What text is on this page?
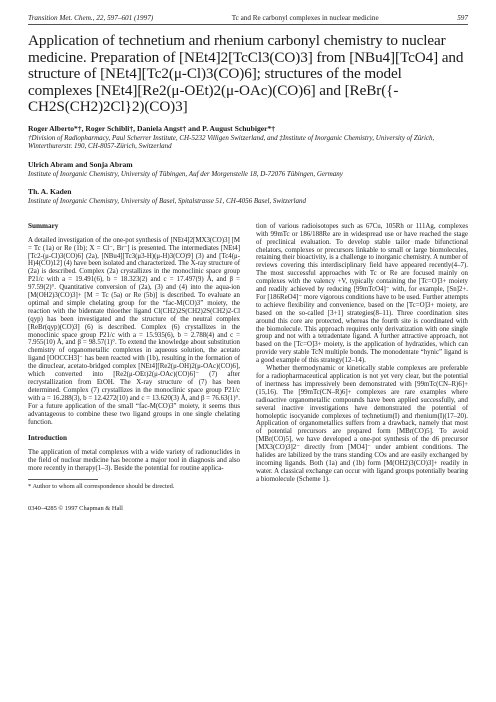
Transition Met. Chem., 22, 597–601 (1997)	Tc and Re carbonyl complexes in nuclear medicine	597
Application of technetium and rhenium carbonyl chemistry to nuclear medicine. Preparation of [NEt4]2[TcCl3(CO)3] from [NBu4][TcO4] and structure of [NEt4][Tc2(μ-Cl)3(CO)6]; structures of the model complexes [NEt4][Re2(μ-OEt)2(μ-OAc)(CO)6] and [ReBr({-CH2S(CH2)2Cl}2)(CO)3]
Roger Alberto*†, Roger Schibli†, Daniela Angst† and P. August Schubiger*†
†Division of Radiopharmacy, Paul Scherrer Institute, CH-5232 Villigen Switzerland, and ‡Institute of Inorganic Chemistry, University of Zürich, Winterthurerstr. 190, CH-8057-Zürich, Switzerland
Ulrich Abram and Sonja Abram
Institute of Inorganic Chemistry, University of Tübingen, Auf der Morgenstelle 18, D-72076 Tübingen, Germany
Th. A. Kaden
Institute of Inorganic Chemistry, University of Basel, Spitalstrasse 51, CH-4056 Basel, Switzerland
Summary

A detailed investigation of the one-pot synthesis of [NEt4]2[MX3(CO)3] [M = Tc (1a) or Re (1b); X = Cl⁻, Br⁻] is presented. The intermediates [NEt4][Tc2-(μ-Cl)3(CO)6] (2a), [NBu4][Tc3(μ3-H)(μ-H)3(CO)9] (3) and [Tc4(μ-H)4(CO)12] (4) have been isolated and characterized. The X-ray structure of (2a) is described. Complex (2a) crystallizes in the monoclinic space group P21/c with a = 19.491(6), b = 18.323(2) and c = 17.497(9) Å, and β = 97.59(2)°. Quantitative conversion of (2a), (3) and (4) into the aqua-ion [M(OH2)3(CO)3]+ [M = Tc (5a) or Re (5b)] is described. To evaluate an optimal and simple chelating group for the “fac-M(CO)3” moiety, the reaction with the bidentate thioether ligand Cl(CH2)2S(CH2)2S(CH2)2-Cl (qyp) has been investigated and the structure of the neutral complex [ReBr(qyp)(CO)3] (6) is described. Complex (6) crystallizes in the monoclinic space group P21/c with a = 15.935(6), b = 2.788(4) and c = 7.955(10) Å, and β = 98.57(1)°. To extend the knowledge about substitution chemistry of organometallic complexes in aqueous solution, the acetato ligand [OOCCH3]⁻ has been reacted with (1b), resulting in the formation of the dinuclear, acetato-bridged complex [NEt4][Re2(μ-OH)2(μ-OAc)(CO)6], which converted into [Re2(μ-OEt)2(μ-OAc)(CO)6]⁻ (7) after recrystallization from EtOH. The X-ray structure of (7) has been determined. Complex (7) crystallizes in the monoclinic space group P21/c with a = 16.288(3), b = 12.4272(10) and c = 13.620(3) Å, and β = 76.63(1)°. For a future application of the small “fac-M(CO)3” moiety, it seems thus advantageous to combine these two ligand groups in one single chelating function.

Introduction

The application of metal complexes with a wide variety of radionuclides in the field of nuclear medicine has become a major tool in diagnosis and also more recently in therapy(1–3). Beside the potential for routine applica-

* Author to whom all correspondence should be directed.
0340–4285 © 1997 Chapman & Hall

tion of various radioisotopes such as 67Cu, 105Rh or 111Ag, complexes with 99mTc or 186/188Re are in widespread use or have reached the stage of preclinical evaluation. To develop stable tailor made bifunctional chelators, complexes or precursors linkable to small or large biomolecules, retaining their bioactivity, is a challenge to inorganic chemistry. A number of reviews covering this interdisciplinary field have appeared recently(4–7). The most successful approaches with Tc or Re are focused mainly on complexes with the valency +V, typically containing the [Tc=O]3+ moiety and readily achieved by reducing [99mTcO4]⁻ with, for example, [Sn]2+. For [186ReO4]⁻ more vigorous conditions have to be used. Further attempts to achieve flexibility and convenience, based on the [Tc=O]3+ moiety, are based on the so-called [3+1] strategies(8–11). Three coordination sites around this core are protected, whereas the fourth site is coordinated with the biomolecule. This approach requires only derivatization with one single group and not with a tetradentate ligand. A further attractive approach, not based on the [Tc=O]3+ moiety, is the application of hydrazides, which can provide very stable TcN multiple bonds. The monodentate “hynic” ligand is a good example of this strategy(12–14).

Whether thermodynamic or kinetically stable complexes are preferable for a radiopharmaceutical application is not yet very clear, but the potential of inertness has impressively been demonstrated with [99mTc(CN–R)6]+(15,16). The [99mTc(CN–R)6]+ complexes are rare examples where radioactive organometallic compounds have been applied successfully, and several inactive investigations have demonstrated the potential of homoleptic isocyanide complexes of technetium(I) and rhenium(I)(17–20). Application of organometallics suffers from a drawback, namely that most of potential precursors are prepared form [MBr(CO)5]. To avoid [MBr(CO)5], we have developed a one-pot synthesis of the d6 precursor [MX3(CO)3]2⁻ directly from [MO4]⁻ under ambient conditions. The halides are labilized by the trans standing COs and are easily exchanged by incoming ligands. Both (1a) and (1b) form [M(OH2)3(CO)3]+ readily in water. A classical exchange can occur with ligand groups potentially bearing a biomolecule (Scheme 1).
